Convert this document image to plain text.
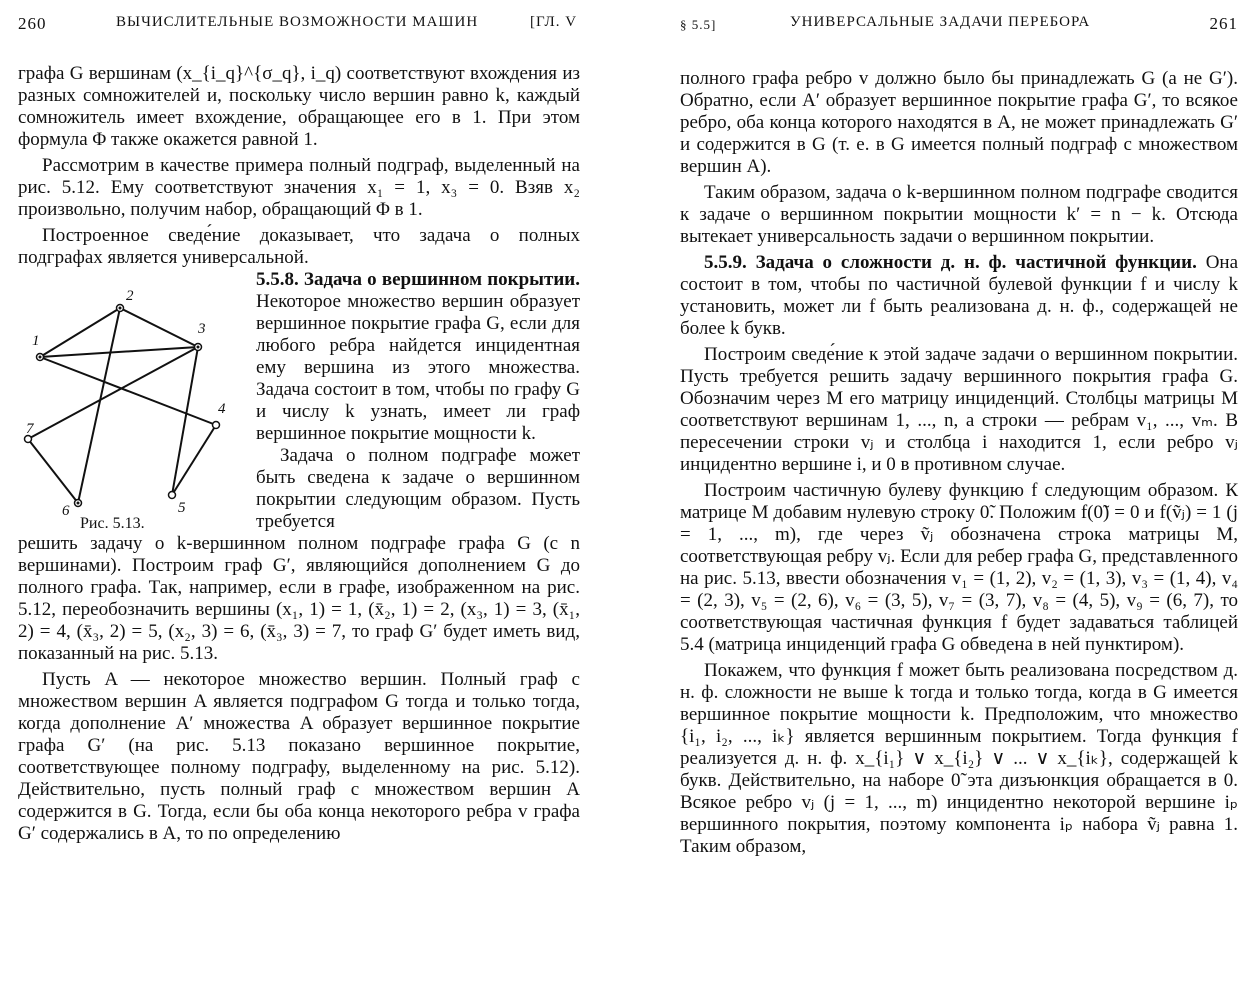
260	ВЫЧИСЛИТЕЛЬНЫЕ ВОЗМОЖНОСТИ МАШИН	[ГЛ. V

графа G вершинам (x_{i_q}^{σ_q}, i_q) соответствуют вхождения из разных сомножителей и, поскольку число вершин равно k, каждый сомножитель имеет вхождение, обращающее его в 1. При этом формула Φ также окажется равной 1.

Рассмотрим в качестве примера полный подграф, выделенный на рис. 5.12. Ему соответствуют значения x₁ = 1, x₃ = 0. Взяв x₂ произвольно, получим набор, обращающий Φ в 1.

Построенное сведе́ние доказывает, что задача о полных подграфах является универсальной.

1
2
3
4
5
6
7
Рис. 5.13.

5.5.8. Задача о вершинном покрытии. Некоторое множество вершин образует вершинное покрытие графа G, если для любого ребра найдется инцидентная ему вершина из этого множества. Задача состоит в том, чтобы по графу G и числу k узнать, имеет ли граф вершинное покрытие мощности k.

Задача о полном подграфе может быть сведена к задаче о вершинном покрытии следующим образом. Пусть требуется

решить задачу о k-вершинном полном подграфе графа G (с n вершинами). Построим граф G′, являющийся дополнением G до полного графа. Так, например, если в графе, изображенном на рис. 5.12, переобозначить вершины (x₁, 1) = 1, (x̄₂, 1) = 2, (x₃, 1) = 3, (x̄₁, 2) = 4, (x̄₃, 2) = 5, (x₂, 3) = 6, (x̄₃, 3) = 7, то граф G′ будет иметь вид, показанный на рис. 5.13.

Пусть A — некоторое множество вершин. Полный граф с множеством вершин A является подграфом G тогда и только тогда, когда дополнение A′ множества A образует вершинное покрытие графа G′ (на рис. 5.13 показано вершинное покрытие, соответствующее полному подграфу, выделенному на рис. 5.12). Действительно, пусть полный граф с множеством вершин A содержится в G. Тогда, если бы оба конца некоторого ребра v графа G′ содержались в A, то по определению

§ 5.5]	УНИВЕРСАЛЬНЫЕ ЗАДАЧИ ПЕРЕБОРА	261

полного графа ребро v должно было бы принадлежать G (а не G′). Обратно, если A′ образует вершинное покрытие графа G′, то всякое ребро, оба конца которого находятся в A, не может принадлежать G′ и содержится в G (т. е. в G имеется полный подграф с множеством вершин A).

Таким образом, задача о k-вершинном полном подграфе сводится к задаче о вершинном покрытии мощности k′ = n − k. Отсюда вытекает универсальность задачи о вершинном покрытии.

5.5.9. Задача о сложности д. н. ф. частичной функции. Она состоит в том, чтобы по частичной булевой функции f и числу k установить, может ли f быть реализована д. н. ф., содержащей не более k букв.

Построим сведе́ние к этой задаче задачи о вершинном покрытии. Пусть требуется решить задачу вершинного покрытия графа G. Обозначим через M его матрицу инциденций. Столбцы матрицы M соответствуют вершинам 1, ..., n, а строки — ребрам v₁, ..., vₘ. В пересечении строки vⱼ и столбца i находится 1, если ребро vⱼ инцидентно вершине i, и 0 в противном случае.

Построим частичную булеву функцию f следующим образом. К матрице M добавим нулевую строку 0̃. Положим f(0̃) = 0 и f(ṽⱼ) = 1 (j = 1, ..., m), где через ṽⱼ обозначена строка матрицы M, соответствующая ребру vⱼ. Если для ребер графа G, представленного на рис. 5.13, ввести обозначения v₁ = (1, 2), v₂ = (1, 3), v₃ = (1, 4), v₄ = (2, 3), v₅ = (2, 6), v₆ = (3, 5), v₇ = (3, 7), v₈ = (4, 5), v₉ = (6, 7), то соответствующая частичная функция f будет задаваться таблицей 5.4 (матрица инциденций графа G обведена в ней пунктиром).

Покажем, что функция f может быть реализована посредством д. н. ф. сложности не выше k тогда и только тогда, когда в G имеется вершинное покрытие мощности k. Предположим, что множество {i₁, i₂, ..., iₖ} является вершинным покрытием. Тогда функция f реализуется д. н. ф. x_{i₁} ∨ x_{i₂} ∨ ... ∨ x_{iₖ}, содержащей k букв. Действительно, на наборе 0̃ эта дизъюнкция обращается в 0. Всякое ребро vⱼ (j = 1, ..., m) инцидентно некоторой вершине iₚ вершинного покрытия, поэтому компонента iₚ набора ṽⱼ равна 1. Таким образом,
